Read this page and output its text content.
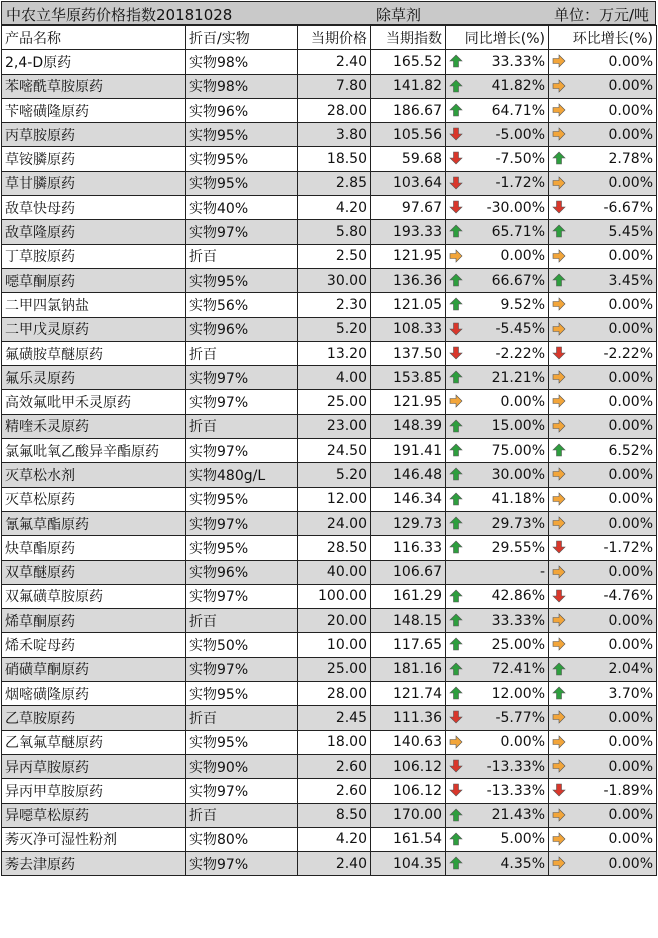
中农立华原药价格指数20181028	除草剂	单位：万元/吨
产品名称	折百/实物	当期价格	当期指数	同比增长(%)	环比增长(%)
2,4-D原药	实物98%	2.40	165.52	33.33%	0.00%
苯嘧酰草胺原药	实物98%	7.80	141.82	41.82%	0.00%
苄嘧磺隆原药	实物96%	28.00	186.67	64.71%	0.00%
丙草胺原药	实物95%	3.80	105.56	-5.00%	0.00%
草铵膦原药	实物95%	18.50	59.68	-7.50%	2.78%
草甘膦原药	实物95%	2.85	103.64	-1.72%	0.00%
敌草快母药	实物40%	4.20	97.67	-30.00%	-6.67%
敌草隆原药	实物97%	5.80	193.33	65.71%	5.45%
丁草胺原药	折百	2.50	121.95	0.00%	0.00%
噁草酮原药	实物95%	30.00	136.36	66.67%	3.45%
二甲四氯钠盐	实物56%	2.30	121.05	9.52%	0.00%
二甲戊灵原药	实物96%	5.20	108.33	-5.45%	0.00%
氟磺胺草醚原药	折百	13.20	137.50	-2.22%	-2.22%
氟乐灵原药	实物97%	4.00	153.85	21.21%	0.00%
高效氟吡甲禾灵原药	实物97%	25.00	121.95	0.00%	0.00%
精喹禾灵原药	折百	23.00	148.39	15.00%	0.00%
氯氟吡氧乙酸异辛酯原药	实物97%	24.50	191.41	75.00%	6.52%
灭草松水剂	实物480g/L	5.20	146.48	30.00%	0.00%
灭草松原药	实物95%	12.00	146.34	41.18%	0.00%
氰氟草酯原药	实物97%	24.00	129.73	29.73%	0.00%
炔草酯原药	实物95%	28.50	116.33	29.55%	-1.72%
双草醚原药	实物96%	40.00	106.67	-	0.00%
双氟磺草胺原药	实物97%	100.00	161.29	42.86%	-4.76%
烯草酮原药	折百	20.00	148.15	33.33%	0.00%
烯禾啶母药	实物50%	10.00	117.65	25.00%	0.00%
硝磺草酮原药	实物97%	25.00	181.16	72.41%	2.04%
烟嘧磺隆原药	实物95%	28.00	121.74	12.00%	3.70%
乙草胺原药	折百	2.45	111.36	-5.77%	0.00%
乙氧氟草醚原药	实物95%	18.00	140.63	0.00%	0.00%
异丙草胺原药	实物90%	2.60	106.12	-13.33%	0.00%
异丙甲草胺原药	实物97%	2.60	106.12	-13.33%	-1.89%
异噁草松原药	折百	8.50	170.00	21.43%	0.00%
莠灭净可湿性粉剂	实物80%	4.20	161.54	5.00%	0.00%
莠去津原药	实物97%	2.40	104.35	4.35%	0.00%
